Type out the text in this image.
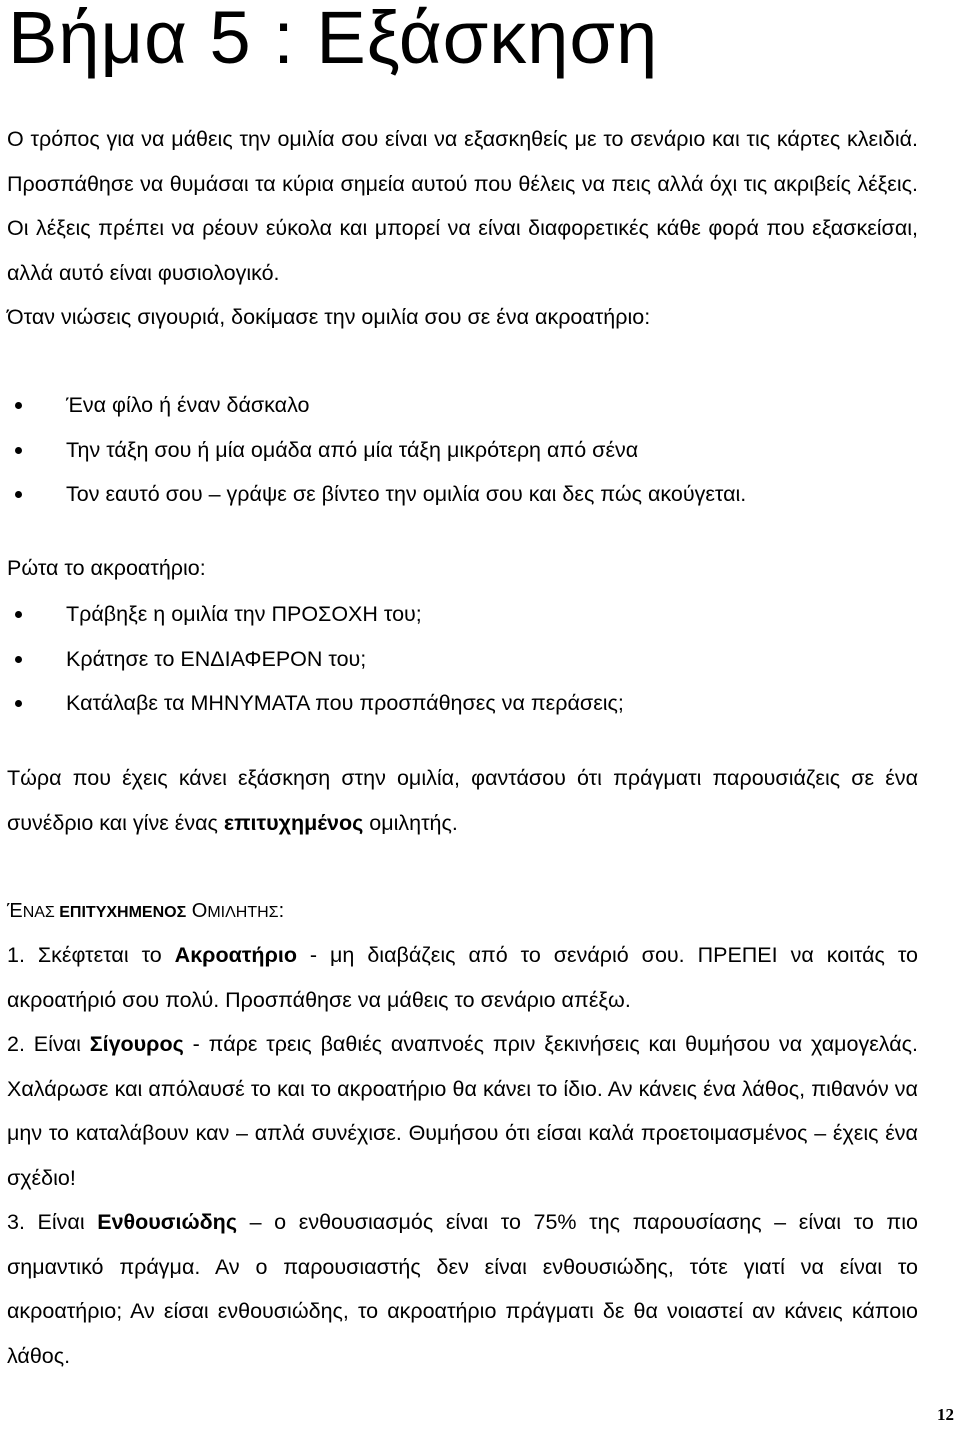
Βήμα 5 : Εξάσκηση

Ο τρόπος για να μάθεις την ομιλία σου είναι να εξασκηθείς με το σενάριο και τις κάρτες κλειδιά. Προσπάθησε να θυμάσαι τα κύρια σημεία αυτού που θέλεις να πεις αλλά όχι τις ακριβείς λέξεις. Οι λέξεις πρέπει να ρέουν εύκολα και μπορεί να είναι διαφορετικές κάθε φορά που εξασκείσαι, αλλά αυτό είναι φυσιολογικό.
Όταν νιώσεις σιγουριά, δοκίμασε την ομιλία σου σε ένα ακροατήριο:

Ένα φίλο ή έναν δάσκαλο
Την τάξη σου ή μία ομάδα από μία τάξη μικρότερη από σένα
Τον εαυτό σου – γράψε σε βίντεο την ομιλία σου και δες πώς ακούγεται.

Ρώτα το ακροατήριο:

Τράβηξε η ομιλία την ΠΡΟΣΟΧΗ του;
Κράτησε το ΕΝΔΙΑΦΕΡΟΝ του;
Κατάλαβε τα ΜΗΝΥΜΑΤΑ που προσπάθησες να περάσεις;

Τώρα που έχεις κάνει εξάσκηση στην ομιλία, φαντάσου ότι πράγματι παρουσιάζεις σε ένα συνέδριο και γίνε ένας επιτυχημένος ομιλητής.

ΈΝΑΣ ΕΠΙΤΥΧΗΜΕΝΟΣ ΟΜΙΛΗΤΗΣ:

1. Σκέφτεται το Ακροατήριο - μη διαβάζεις από το σενάριό σου. ΠΡΕΠΕΙ να κοιτάς το ακροατήριό σου πολύ. Προσπάθησε να μάθεις το σενάριο απέξω.

2. Είναι Σίγουρος - πάρε τρεις βαθιές αναπνοές πριν ξεκινήσεις και θυμήσου να χαμογελάς. Χαλάρωσε και απόλαυσέ το και το ακροατήριο θα κάνει το ίδιο. Αν κάνεις ένα λάθος, πιθανόν να μην το καταλάβουν καν – απλά συνέχισε. Θυμήσου ότι είσαι καλά προετοιμασμένος – έχεις ένα σχέδιο!

3. Είναι Ενθουσιώδης – ο ενθουσιασμός είναι το 75% της παρουσίασης – είναι το πιο σημαντικό πράγμα. Αν ο παρουσιαστής δεν είναι ενθουσιώδης, τότε γιατί να είναι το ακροατήριο; Αν είσαι ενθουσιώδης, το ακροατήριο πράγματι δε θα νοιαστεί αν κάνεις κάποιο λάθος.

12
